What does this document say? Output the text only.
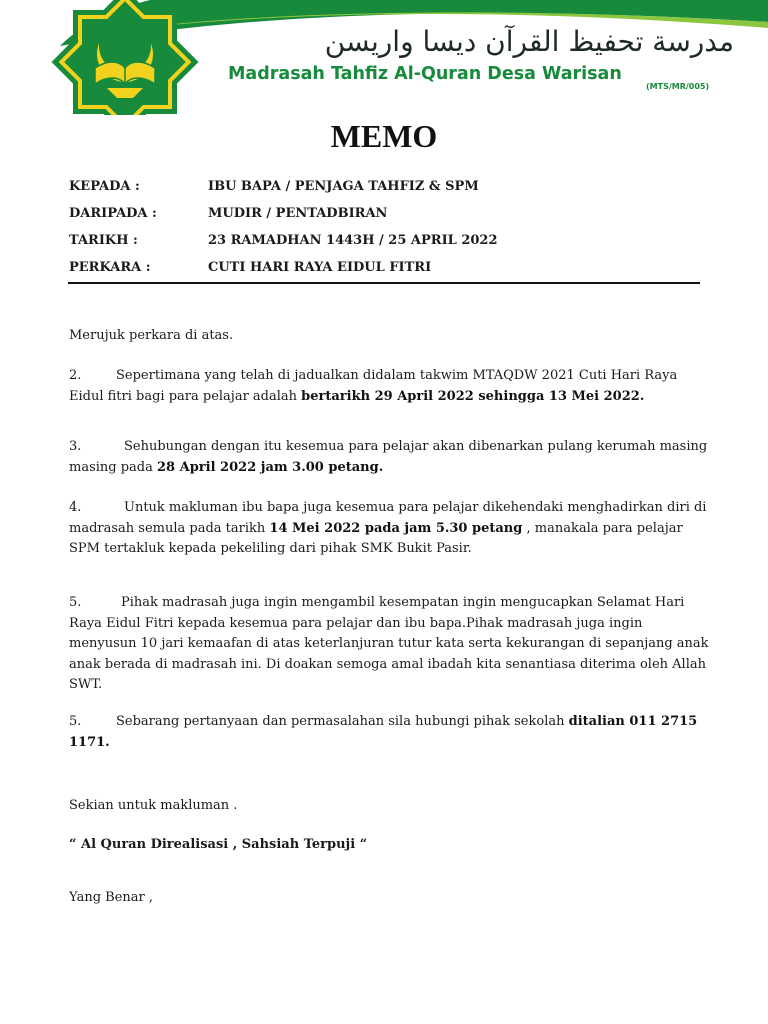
مدرسة تحفيظ القرآن ديسا واريسن
Madrasah Tahfiz Al-Quran Desa Warisan
(MTS/MR/005)
MEMO
KEPADA :	IBU BAPA / PENJAGA TAHFIZ & SPM
DARIPADA :	MUDIR / PENTADBIRAN
TARIKH :	23 RAMADHAN 1443H / 25 APRIL 2022
PERKARA :	CUTI HARI RAYA EIDUL FITRI

Merujuk perkara di atas.

2.	Sepertimana yang telah di jadualkan didalam takwim MTAQDW 2021 Cuti Hari Raya Eidul fitri bagi para pelajar adalah bertarikh 29 April 2022 sehingga 13 Mei 2022.

3.	Sehubungan dengan itu kesemua para pelajar akan dibenarkan pulang kerumah masing masing pada 28 April 2022 jam 3.00 petang.

4.	Untuk makluman ibu bapa juga kesemua para pelajar dikehendaki menghadirkan diri di madrasah semula pada tarikh 14 Mei 2022 pada jam 5.30 petang , manakala para pelajar SPM tertakluk kepada pekeliling dari pihak SMK Bukit Pasir.

5.	Pihak madrasah juga ingin mengambil kesempatan ingin mengucapkan Selamat Hari Raya Eidul Fitri kepada kesemua para pelajar dan ibu bapa.Pihak madrasah juga ingin menyusun 10 jari kemaafan di atas keterlanjuran tutur kata serta kekurangan di sepanjang anak anak berada di madrasah ini. Di doakan semoga amal ibadah kita senantiasa diterima oleh Allah SWT.

5.	Sebarang pertanyaan dan permasalahan sila hubungi pihak sekolah ditalian 011 2715 1171.

Sekian untuk makluman .

“ Al Quran Direalisasi , Sahsiah Terpuji “

Yang Benar ,
